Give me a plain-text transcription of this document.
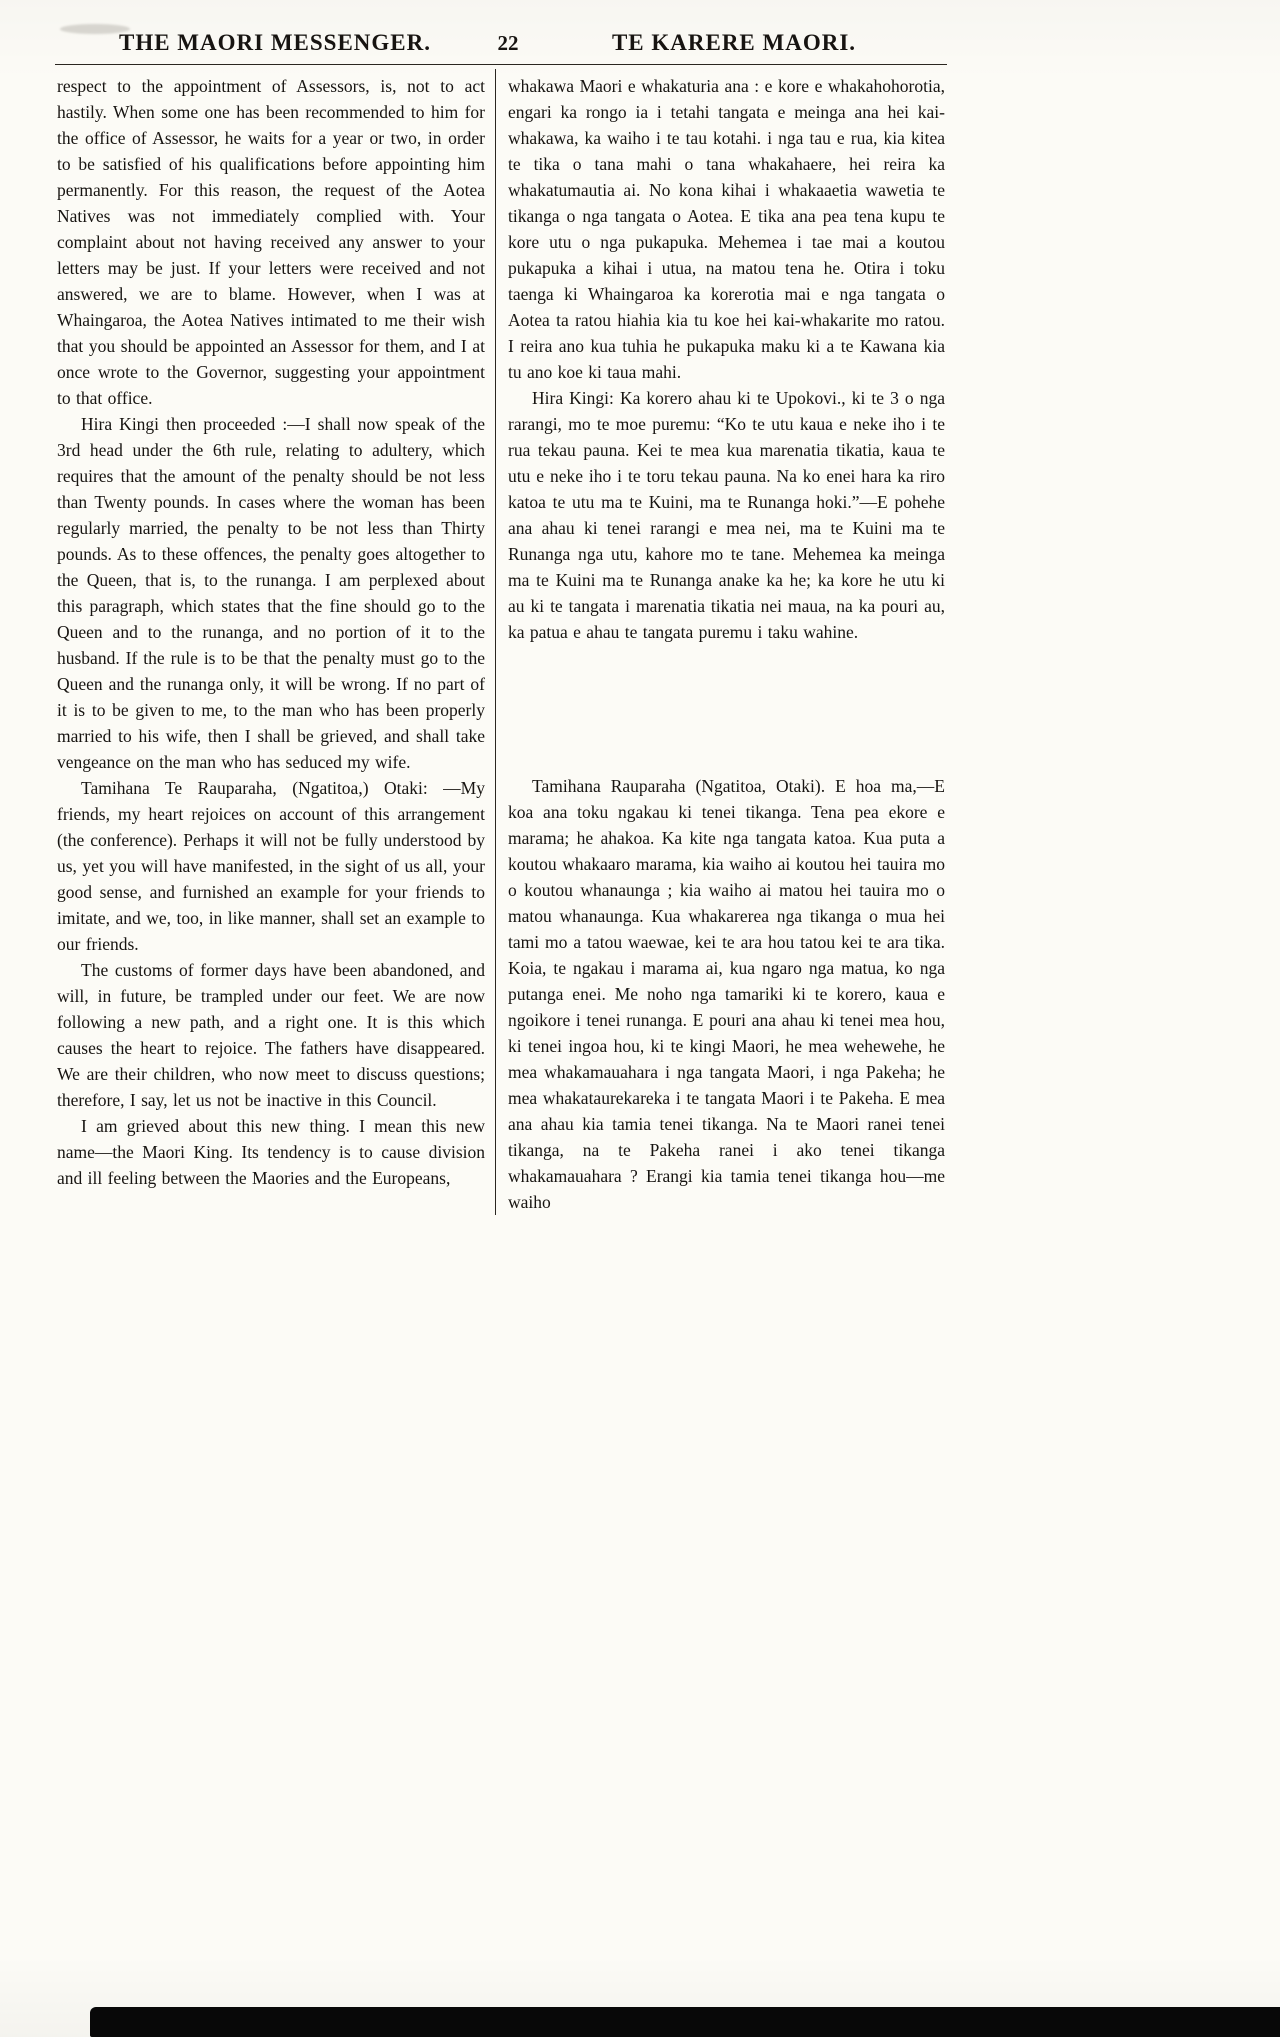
THE MAORI MESSENGER.	22	TE KARERE MAORI.

respect to the appointment of Assessors, is, not to act hastily. When some one has been recommended to him for the office of Assessor, he waits for a year or two, in order to be satisfied of his qualifications before appointing him permanently. For this reason, the request of the Aotea Natives was not immediately complied with. Your complaint about not having received any answer to your letters may be just. If your letters were received and not answered, we are to blame. However, when I was at Whaingaroa, the Aotea Natives intimated to me their wish that you should be appointed an Assessor for them, and I at once wrote to the Governor, suggesting your appointment to that office.

Hira Kingi then proceeded :—I shall now speak of the 3rd head under the 6th rule, relating to adultery, which requires that the amount of the penalty should be not less than Twenty pounds. In cases where the woman has been regularly married, the penalty to be not less than Thirty pounds. As to these offences, the penalty goes altogether to the Queen, that is, to the runanga. I am perplexed about this paragraph, which states that the fine should go to the Queen and to the runanga, and no portion of it to the husband. If the rule is to be that the penalty must go to the Queen and the runanga only, it will be wrong. If no part of it is to be given to me, to the man who has been properly married to his wife, then I shall be grieved, and shall take vengeance on the man who has seduced my wife.

Tamihana Te Rauparaha, (Ngatitoa,) Otaki: —My friends, my heart rejoices on account of this arrangement (the conference). Perhaps it will not be fully understood by us, yet you will have manifested, in the sight of us all, your good sense, and furnished an example for your friends to imitate, and we, too, in like manner, shall set an example to our friends.

The customs of former days have been abandoned, and will, in future, be trampled under our feet. We are now following a new path, and a right one. It is this which causes the heart to rejoice. The fathers have disappeared. We are their children, who now meet to discuss questions; therefore, I say, let us not be inactive in this Council.

I am grieved about this new thing. I mean this new name—the Maori King. Its tendency is to cause division and ill feeling between the Maories and the Europeans,

whakawa Maori e whakaturia ana : e kore e whakahohorotia, engari ka rongo ia i tetahi tangata e meinga ana hei kai-whakawa, ka waiho i te tau kotahi. i nga tau e rua, kia kitea te tika o tana mahi o tana whakahaere, hei reira ka whakatumautia ai. No kona kihai i whakaaetia wawetia te tikanga o nga tangata o Aotea. E tika ana pea tena kupu te kore utu o nga pukapuka. Mehemea i tae mai a koutou pukapuka a kihai i utua, na matou tena he. Otira i toku taenga ki Whaingaroa ka korerotia mai e nga tangata o Aotea ta ratou hiahia kia tu koe hei kai-whakarite mo ratou. I reira ano kua tuhia he pukapuka maku ki a te Kawana kia tu ano koe ki taua mahi.

Hira Kingi: Ka korero ahau ki te Upokovi., ki te 3 o nga rarangi, mo te moe puremu: “Ko te utu kaua e neke iho i te rua tekau pauna. Kei te mea kua marenatia tikatia, kaua te utu e neke iho i te toru tekau pauna. Na ko enei hara ka riro katoa te utu ma te Kuini, ma te Runanga hoki.”—E pohehe ana ahau ki tenei rarangi e mea nei, ma te Kuini ma te Runanga nga utu, kahore mo te tane. Mehemea ka meinga ma te Kuini ma te Runanga anake ka he; ka kore he utu ki au ki te tangata i marenatia tikatia nei maua, na ka pouri au, ka patua e ahau te tangata puremu i taku wahine.

Tamihana Rauparaha (Ngatitoa, Otaki). E hoa ma,—E koa ana toku ngakau ki tenei tikanga. Tena pea ekore e marama; he ahakoa. Ka kite nga tangata katoa. Kua puta a koutou whakaaro marama, kia waiho ai koutou hei tauira mo o koutou whanaunga ; kia waiho ai matou hei tauira mo o matou whanaunga. Kua whakarerea nga tikanga o mua hei tami mo a tatou waewae, kei te ara hou tatou kei te ara tika. Koia, te ngakau i marama ai, kua ngaro nga matua, ko nga putanga enei. Me noho nga tamariki ki te korero, kaua e ngoikore i tenei runanga. E pouri ana ahau ki tenei mea hou, ki tenei ingoa hou, ki te kingi Maori, he mea wehewehe, he mea whakamauahara i nga tangata Maori, i nga Pakeha; he mea whakataurekareka i te tangata Maori i te Pakeha. E mea ana ahau kia tamia tenei tikanga. Na te Maori ranei tenei tikanga, na te Pakeha ranei i ako tenei tikanga whakamauahara ? Erangi kia tamia tenei tikanga hou—me waiho
